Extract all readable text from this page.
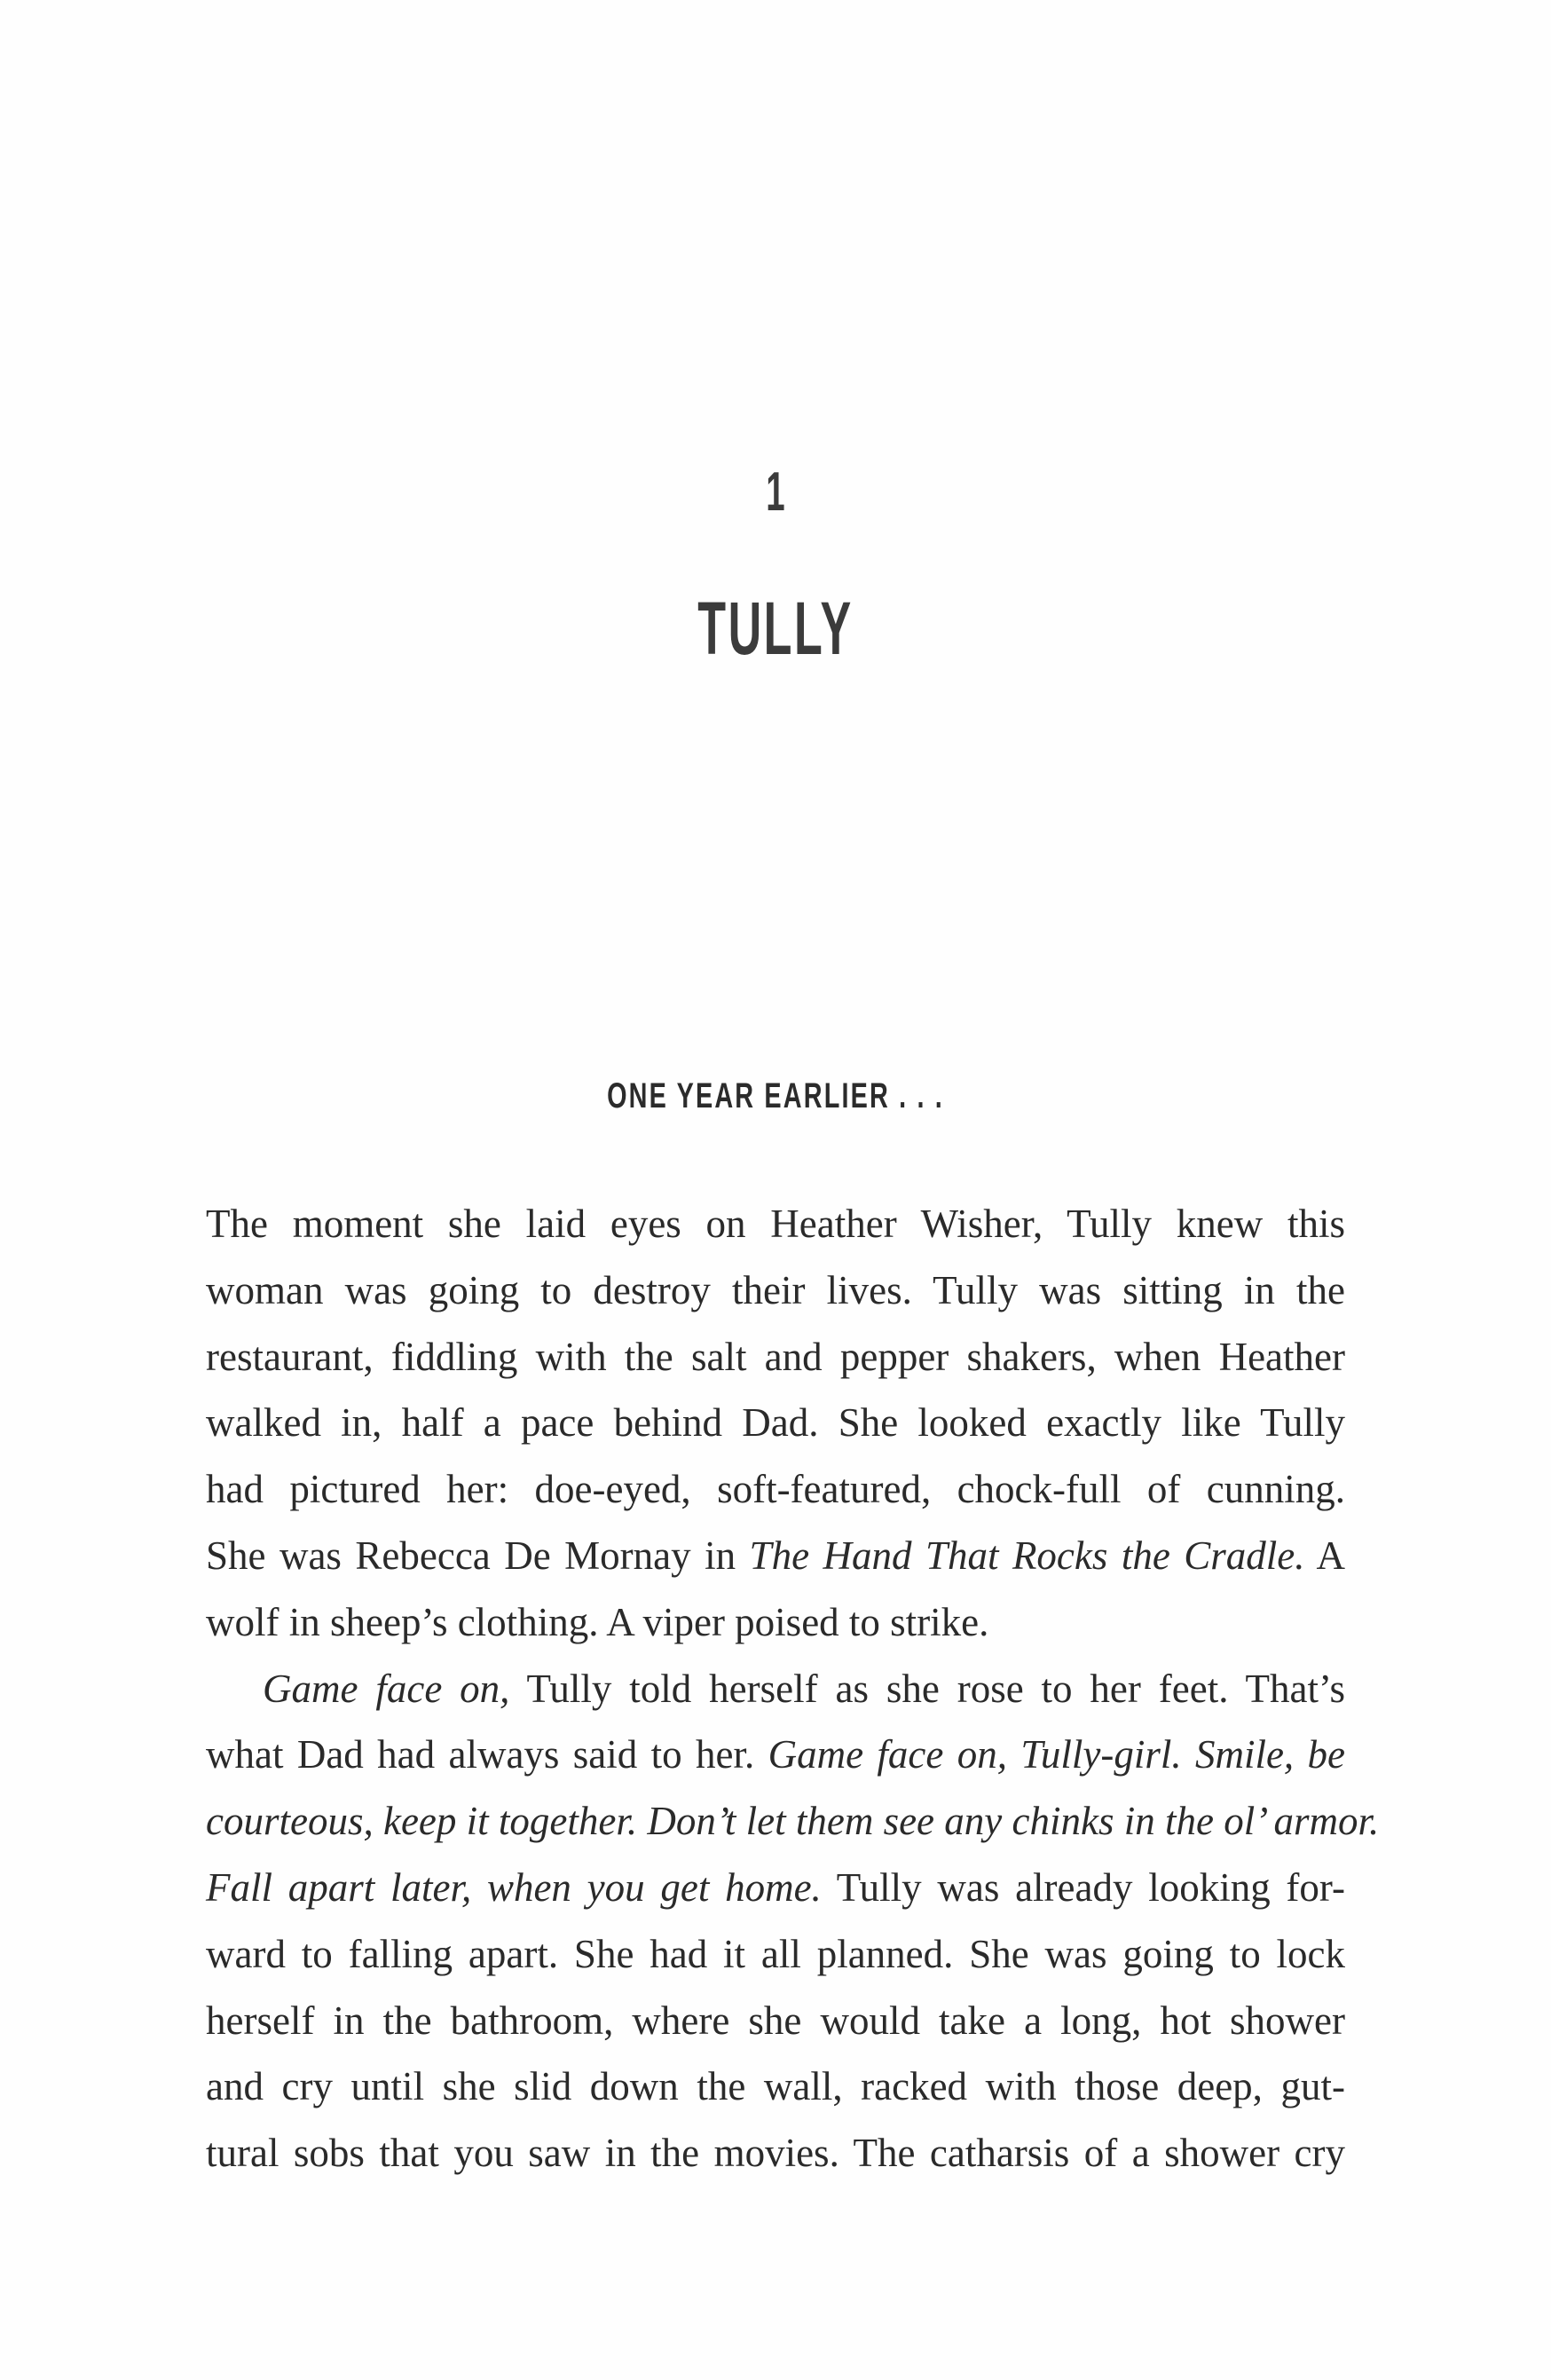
1
TULLY
ONE YEAR EARLIER . . .
The moment she laid eyes on Heather Wisher, Tully knew this
woman was going to destroy their lives. Tully was sitting in the
restaurant, fiddling with the salt and pepper shakers, when Heather
walked in, half a pace behind Dad. She looked exactly like Tully
had pictured her: doe-eyed, soft-featured, chock-full of cunning.
She was Rebecca De Mornay in The Hand That Rocks the Cradle. A
wolf in sheep’s clothing. A viper poised to strike.
Game face on, Tully told herself as she rose to her feet. That’s
what Dad had always said to her. Game face on, Tully-girl. Smile, be
courteous, keep it together. Don’t let them see any chinks in the ol’ armor.
Fall apart later, when you get home. Tully was already looking for-
ward to falling apart. She had it all planned. She was going to lock
herself in the bathroom, where she would take a long, hot shower
and cry until she slid down the wall, racked with those deep, gut-
tural sobs that you saw in the movies. The catharsis of a shower cry
